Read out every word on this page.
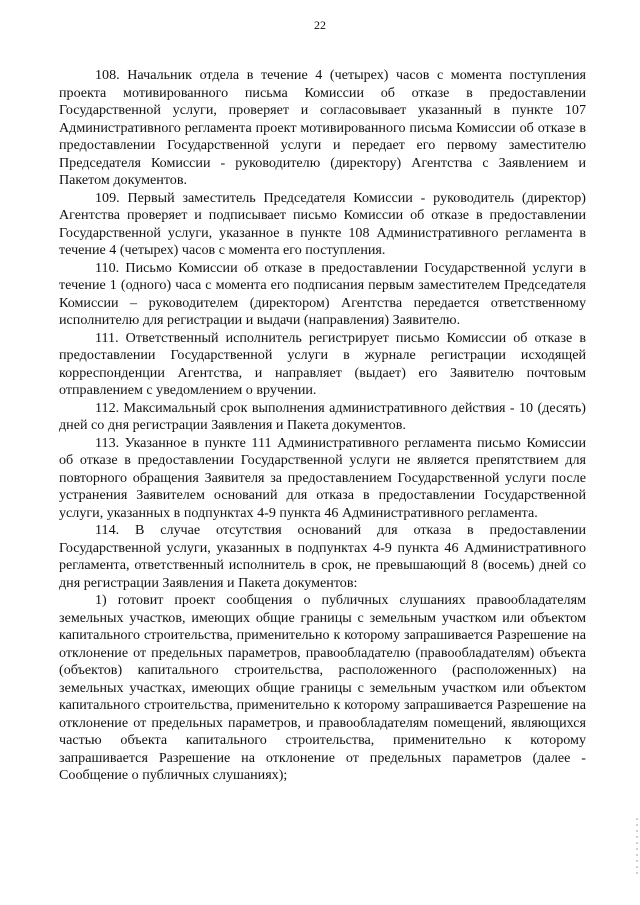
22

108. Начальник отдела в течение 4 (четырех) часов с момента поступления проекта мотивированного письма Комиссии об отказе в предоставлении Государственной услуги, проверяет и согласовывает указанный в пункте 107 Административного регламента проект мотивированного письма Комиссии об отказе в предоставлении Государственной услуги и передает его первому заместителю Председателя Комиссии - руководителю (директору) Агентства с Заявлением и Пакетом документов.

109. Первый заместитель Председателя Комиссии - руководитель (директор) Агентства проверяет и подписывает письмо Комиссии об отказе в предоставлении Государственной услуги, указанное в пункте 108 Административного регламента в течение 4 (четырех) часов с момента его поступления.

110. Письмо Комиссии об отказе в предоставлении Государственной услуги в течение 1 (одного) часа с момента его подписания первым заместителем Председателя Комиссии – руководителем (директором) Агентства передается ответственному исполнителю для регистрации и выдачи (направления) Заявителю.

111. Ответственный исполнитель регистрирует письмо Комиссии об отказе в предоставлении Государственной услуги в журнале регистрации исходящей корреспонденции Агентства, и направляет (выдает) его Заявителю почтовым отправлением с уведомлением о вручении.

112. Максимальный срок выполнения административного действия - 10 (десять) дней со дня регистрации Заявления и Пакета документов.

113. Указанное в пункте 111 Административного регламента письмо Комиссии об отказе в предоставлении Государственной услуги не является препятствием для повторного обращения Заявителя за предоставлением Государственной услуги после устранения Заявителем оснований для отказа в предоставлении Государственной услуги, указанных в подпунктах 4-9 пункта 46 Административного регламента.

114. В случае отсутствия оснований для отказа в предоставлении Государственной услуги, указанных в подпунктах 4-9 пункта 46 Административного регламента, ответственный исполнитель в срок, не превышающий 8 (восемь) дней со дня регистрации Заявления и Пакета документов:

1) готовит проект сообщения о публичных слушаниях правообладателям земельных участков, имеющих общие границы с земельным участком или объектом капитального строительства, применительно к которому запрашивается Разрешение на отклонение от предельных параметров, правообладателю (правообладателям) объекта (объектов) капитального строительства, расположенного (расположенных) на земельных участках, имеющих общие границы с земельным участком или объектом капитального строительства, применительно к которому запрашивается Разрешение на отклонение от предельных параметров, и правообладателям помещений, являющихся частью объекта капитального строительства, применительно к которому запрашивается Разрешение на отклонение от предельных параметров (далее - Сообщение о публичных слушаниях);
